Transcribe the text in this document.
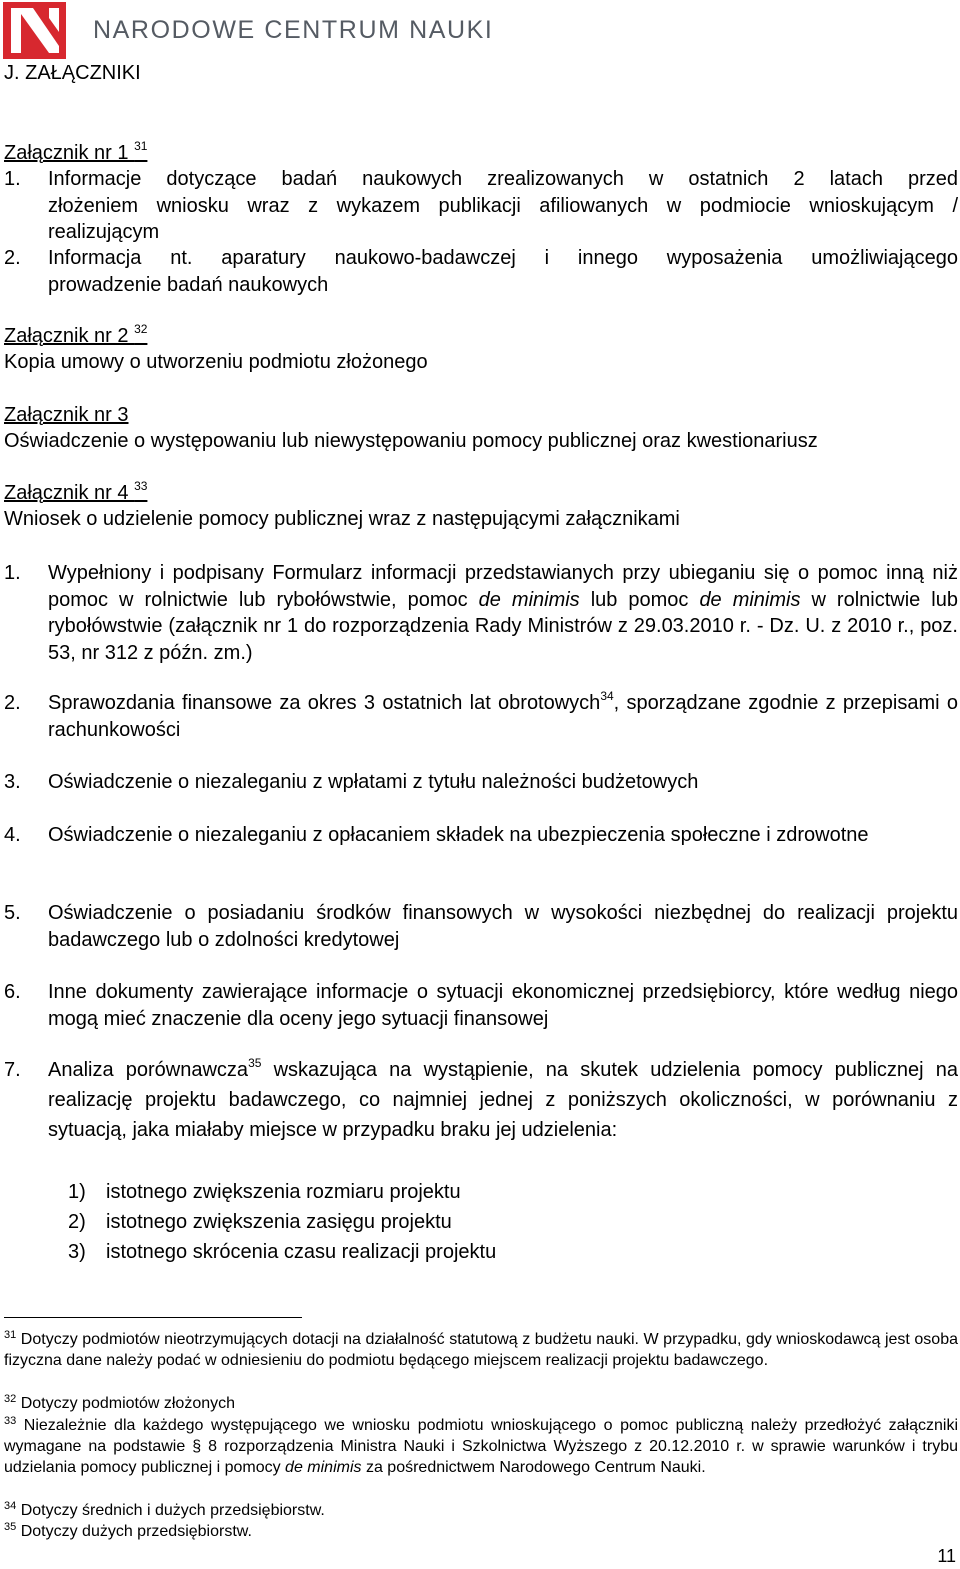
NARODOWE CENTRUM NAUKI
J. ZAŁĄCZNIKI
Załącznik nr 1 $^{31}$
1. Informacje dotyczące badań naukowych zrealizowanych w ostatnich 2 latach przed
złożeniem wniosku wraz z wykazem publikacji afiliowanych w podmiocie wnioskującym /
realizującym
2. Informacja nt. aparatury naukowo-badawczej i innego wyposażenia umożliwiającego
prowadzenie badań naukowych
Załącznik nr 2 $^{32}$
Kopia umowy o utworzeniu podmiotu złożonego
Załącznik nr 3
Oświadczenie o występowaniu lub niewystępowaniu pomocy publicznej oraz kwestionariusz
Załącznik nr 4 $^{33}$
Wniosek o udzielenie pomocy publicznej wraz z następującymi załącznikami
1. Wypełniony i podpisany Formularz informacji przedstawianych przy ubieganiu się o pomoc inną niż pomoc w rolnictwie lub rybołówstwie, pomoc de minimis lub pomoc de minimis w rolnictwie lub rybołówstwie (załącznik nr 1 do rozporządzenia Rady Ministrów z 29.03.2010 r. - Dz. U. z 2010 r., poz. 53, nr 312 z późn. zm.)
2. Sprawozdania finansowe za okres 3 ostatnich lat obrotowych$^{34}$, sporządzane zgodnie z przepisami o rachunkowości
3. Oświadczenie o niezaleganiu z wpłatami z tytułu należności budżetowych
4. Oświadczenie o niezaleganiu z opłacaniem składek na ubezpieczenia społeczne i zdrowotne
5. Oświadczenie o posiadaniu środków finansowych w wysokości niezbędnej do realizacji projektu badawczego lub o zdolności kredytowej
6. Inne dokumenty zawierające informacje o sytuacji ekonomicznej przedsiębiorcy, które według niego mogą mieć znaczenie dla oceny jego sytuacji finansowej
7. Analiza porównawcza$^{35}$ wskazująca na wystąpienie, na skutek udzielenia pomocy publicznej na realizację projektu badawczego, co najmniej jednej z poniższych okoliczności, w porównaniu z sytuacją, jaka miałaby miejsce w przypadku braku jej udzielenia:
1) istotnego zwiększenia rozmiaru projektu
2) istotnego zwiększenia zasięgu projektu
3) istotnego skrócenia czasu realizacji projektu
$^{31}$ Dotyczy podmiotów nieotrzymujących dotacji na działalność statutową z budżetu nauki. W przypadku, gdy wnioskodawcą jest osoba fizyczna dane należy podać w odniesieniu do podmiotu będącego miejscem realizacji projektu badawczego.
$^{32}$ Dotyczy podmiotów złożonych
$^{33}$ Niezależnie dla każdego występującego we wniosku podmiotu wnioskującego o pomoc publiczną należy przedłożyć załączniki wymagane na podstawie § 8 rozporządzenia Ministra Nauki i Szkolnictwa Wyższego z 20.12.2010 r. w sprawie warunków i trybu udzielania pomocy publicznej i pomocy de minimis za pośrednictwem Narodowego Centrum Nauki.
$^{34}$ Dotyczy średnich i dużych przedsiębiorstw.
$^{35}$ Dotyczy dużych przedsiębiorstw.
11
